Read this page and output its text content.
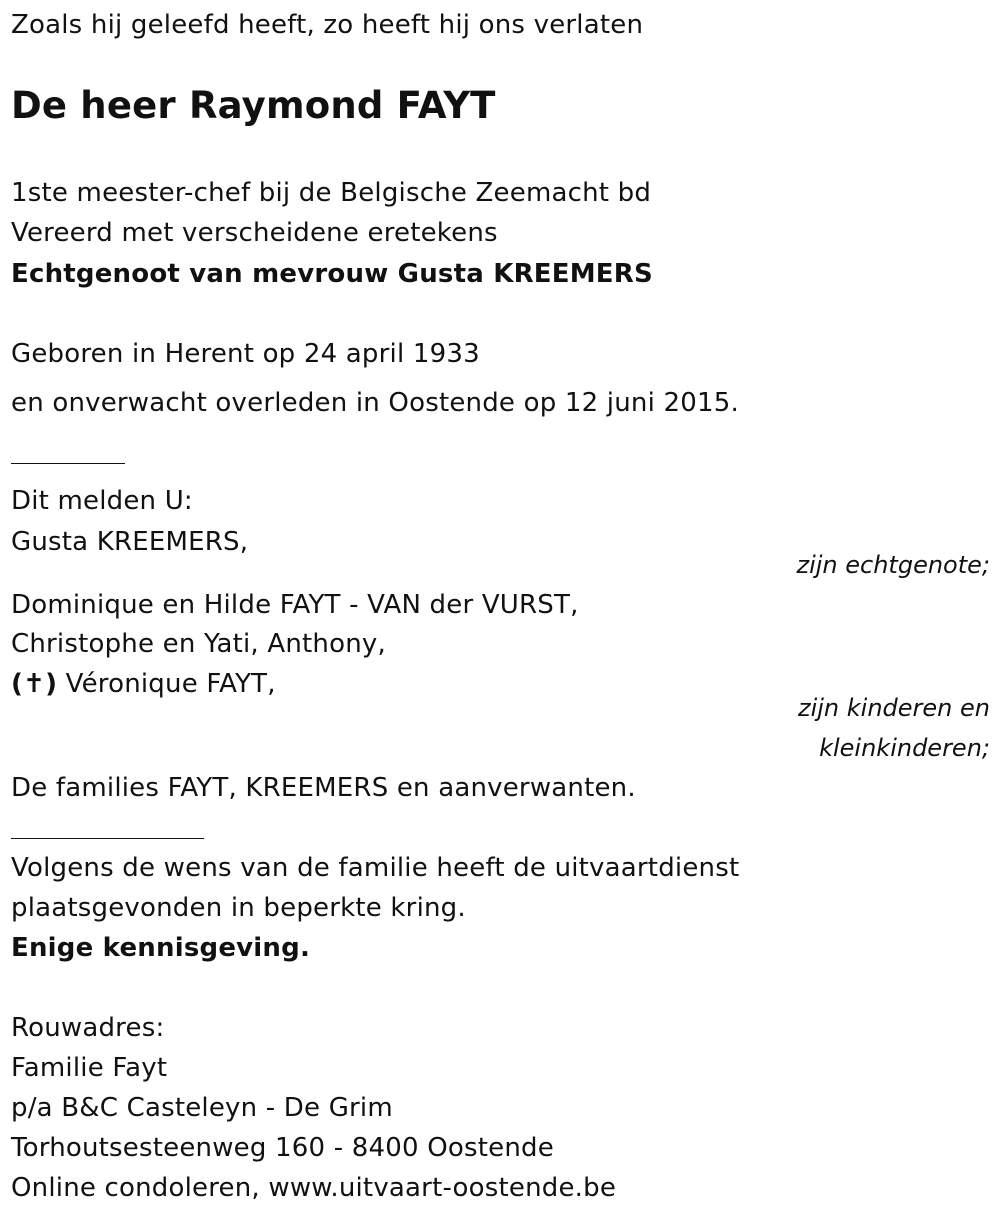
Zoals hij geleefd heeft, zo heeft hij ons verlaten
De heer Raymond FAYT
1ste meester-chef bij de Belgische Zeemacht bd
Vereerd met verscheidene eretekens
Echtgenoot van mevrouw Gusta KREEMERS
Geboren in Herent op 24 april 1933
en onverwacht overleden in Oostende op 12 juni 2015.
Dit melden U:
Gusta KREEMERS,
zijn echtgenote;
Dominique en Hilde FAYT - VAN der VURST,
Christophe en Yati, Anthony,
(✝) Véronique FAYT,
zijn kinderen en
kleinkinderen;
De families FAYT, KREEMERS en aanverwanten.
Volgens de wens van de familie heeft de uitvaartdienst
plaatsgevonden in beperkte kring.
Enige kennisgeving.
Rouwadres:
Familie Fayt
p/a B&C Casteleyn - De Grim
Torhoutsesteenweg 160 - 8400 Oostende
Online condoleren, www.uitvaart-oostende.be
